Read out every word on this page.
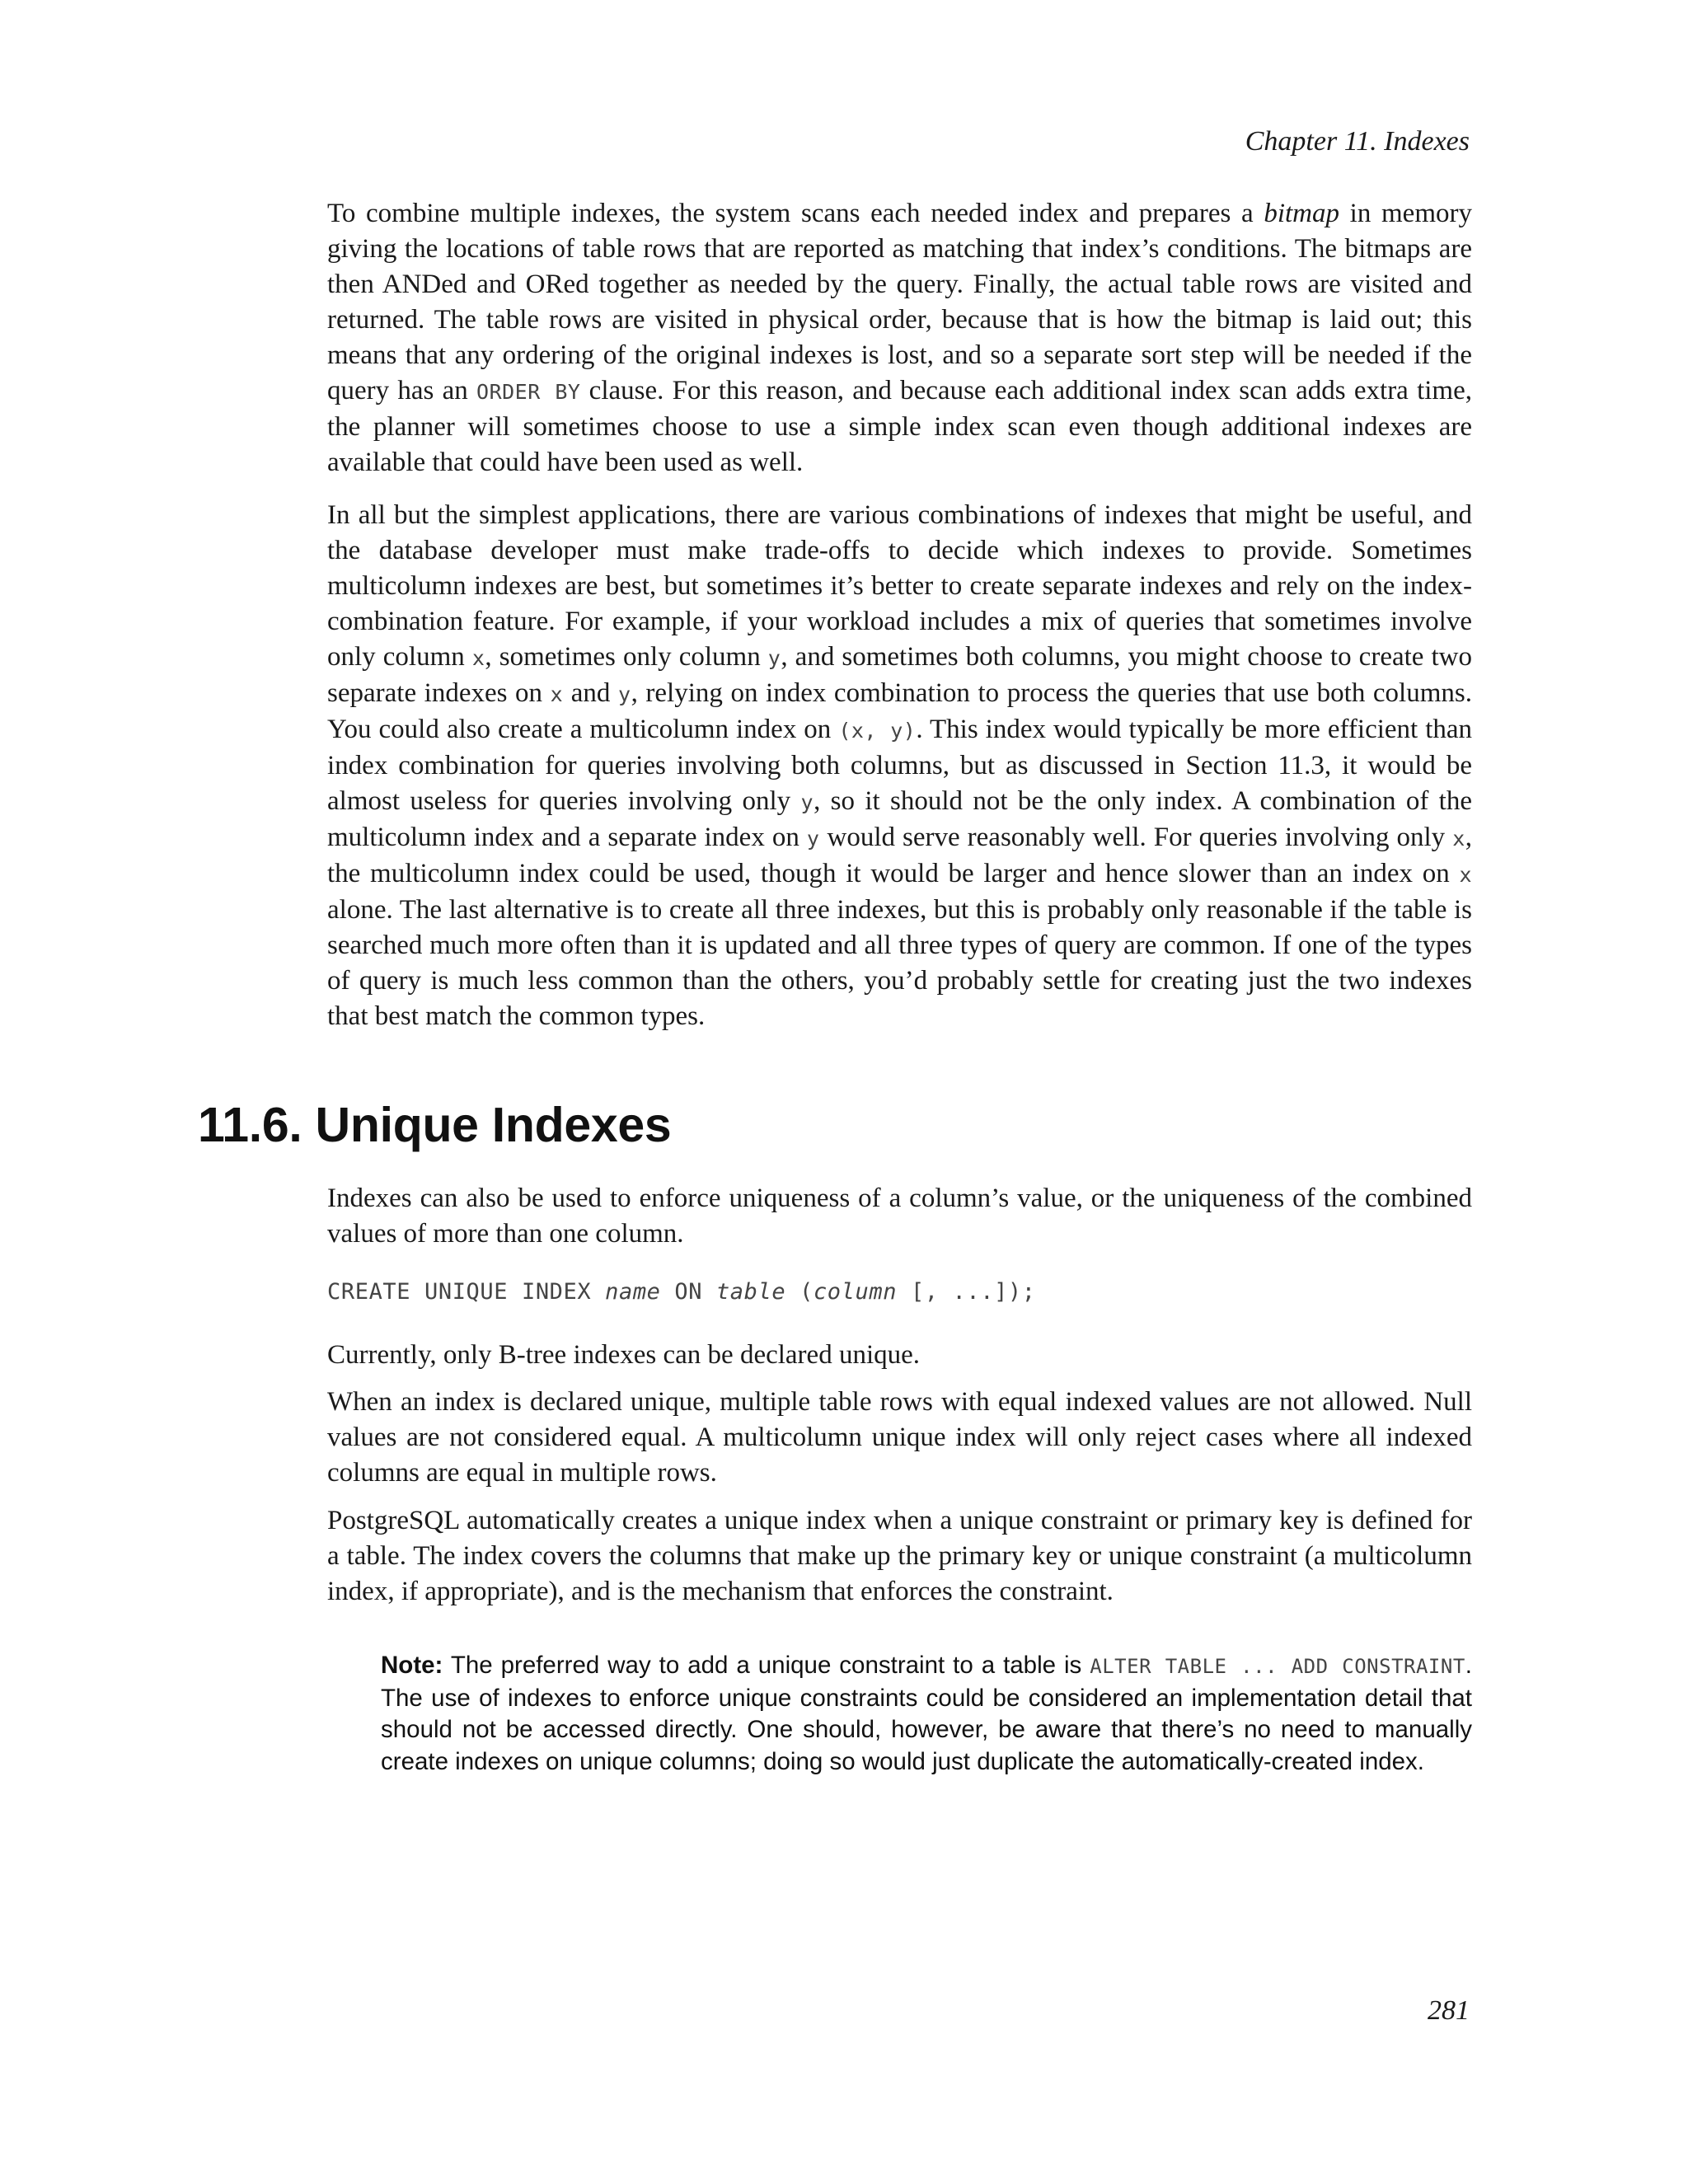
Chapter 11. Indexes

To combine multiple indexes, the system scans each needed index and prepares a bitmap in memory giving the locations of table rows that are reported as matching that index’s conditions. The bitmaps are then ANDed and ORed together as needed by the query. Finally, the actual table rows are visited and returned. The table rows are visited in physical order, because that is how the bitmap is laid out; this means that any ordering of the original indexes is lost, and so a separate sort step will be needed if the query has an ORDER BY clause. For this reason, and because each additional index scan adds extra time, the planner will sometimes choose to use a simple index scan even though additional indexes are available that could have been used as well.

In all but the simplest applications, there are various combinations of indexes that might be useful, and the database developer must make trade-offs to decide which indexes to provide. Sometimes multicolumn indexes are best, but sometimes it’s better to create separate indexes and rely on the index-combination feature. For example, if your workload includes a mix of queries that sometimes involve only column x, sometimes only column y, and sometimes both columns, you might choose to create two separate indexes on x and y, relying on index combination to process the queries that use both columns. You could also create a multicolumn index on (x, y). This index would typically be more efficient than index combination for queries involving both columns, but as discussed in Section 11.3, it would be almost useless for queries involving only y, so it should not be the only index. A combination of the multicolumn index and a separate index on y would serve reasonably well. For queries involving only x, the multicolumn index could be used, though it would be larger and hence slower than an index on x alone. The last alternative is to create all three indexes, but this is probably only reasonable if the table is searched much more often than it is updated and all three types of query are common. If one of the types of query is much less common than the others, you’d probably settle for creating just the two indexes that best match the common types.

11.6. Unique Indexes

Indexes can also be used to enforce uniqueness of a column’s value, or the uniqueness of the combined values of more than one column.

CREATE UNIQUE INDEX name ON table (column [, ...]);

Currently, only B-tree indexes can be declared unique.

When an index is declared unique, multiple table rows with equal indexed values are not allowed. Null values are not considered equal. A multicolumn unique index will only reject cases where all indexed columns are equal in multiple rows.

PostgreSQL automatically creates a unique index when a unique constraint or primary key is defined for a table. The index covers the columns that make up the primary key or unique constraint (a multicolumn index, if appropriate), and is the mechanism that enforces the constraint.

Note: The preferred way to add a unique constraint to a table is ALTER TABLE ... ADD CONSTRAINT. The use of indexes to enforce unique constraints could be considered an implementation detail that should not be accessed directly. One should, however, be aware that there’s no need to manually create indexes on unique columns; doing so would just duplicate the automatically-created index.
281
